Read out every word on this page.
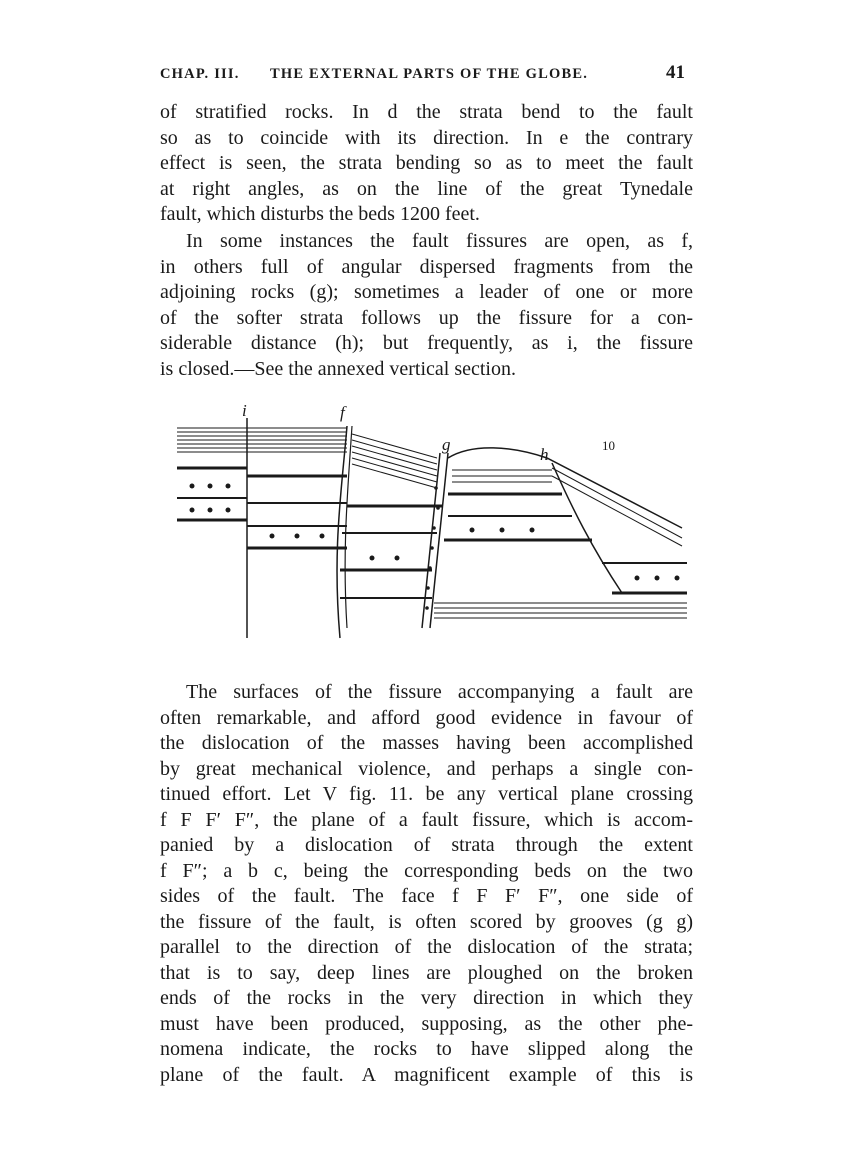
CHAP. III. THE EXTERNAL PARTS OF THE GLOBE.	41
of stratified rocks. In d the strata bend to the fault
so as to coincide with its direction. In e the contrary
effect is seen, the strata bending so as to meet the fault
at right angles, as on the line of the great Tynedale
fault, which disturbs the beds 1200 feet.
In some instances the fault fissures are open, as f,
in others full of angular dispersed fragments from the
adjoining rocks (g); sometimes a leader of one or more
of the softer strata follows up the fissure for a con-
siderable distance (h); but frequently, as i, the fissure
is closed.—See the annexed vertical section.
i	f
g
h	10
The surfaces of the fissure accompanying a fault are
often remarkable, and afford good evidence in favour of
the dislocation of the masses having been accomplished
by great mechanical violence, and perhaps a single con-
tinued effort. Let V fig. 11. be any vertical plane crossing
f F F′ F″, the plane of a fault fissure, which is accom-
panied by a dislocation of strata through the extent
f F″; a b c, being the corresponding beds on the two
sides of the fault. The face f F F′ F″, one side of
the fissure of the fault, is often scored by grooves (g g)
parallel to the direction of the dislocation of the strata;
that is to say, deep lines are ploughed on the broken
ends of the rocks in the very direction in which they
must have been produced, supposing, as the other phe-
nomena indicate, the rocks to have slipped along the
plane of the fault. A magnificent example of this is
